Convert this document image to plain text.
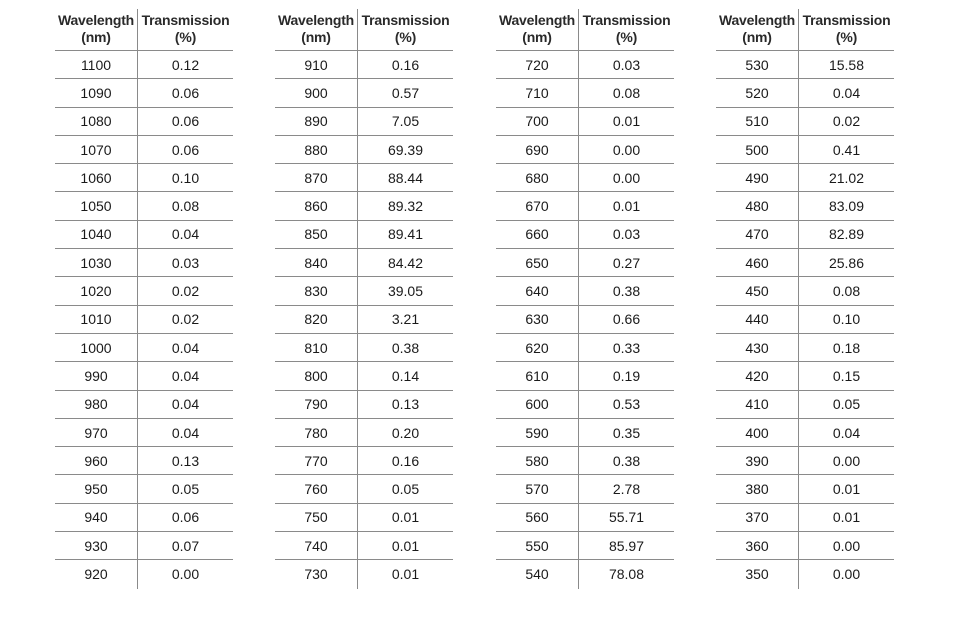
Wavelength
(nm)
Transmission
(%)
1100	0.12
1090	0.06
1080	0.06
1070	0.06
1060	0.10
1050	0.08
1040	0.04
1030	0.03
1020	0.02
1010	0.02
1000	0.04
990	0.04
980	0.04
970	0.04
960	0.13
950	0.05
940	0.06
930	0.07
920	0.00
Wavelength
(nm)
Transmission
(%)
910	0.16
900	0.57
890	7.05
880	69.39
870	88.44
860	89.32
850	89.41
840	84.42
830	39.05
820	3.21
810	0.38
800	0.14
790	0.13
780	0.20
770	0.16
760	0.05
750	0.01
740	0.01
730	0.01
Wavelength
(nm)
Transmission
(%)
720	0.03
710	0.08
700	0.01
690	0.00
680	0.00
670	0.01
660	0.03
650	0.27
640	0.38
630	0.66
620	0.33
610	0.19
600	0.53
590	0.35
580	0.38
570	2.78
560	55.71
550	85.97
540	78.08
Wavelength
(nm)
Transmission
(%)
530	15.58
520	0.04
510	0.02
500	0.41
490	21.02
480	83.09
470	82.89
460	25.86
450	0.08
440	0.10
430	0.18
420	0.15
410	0.05
400	0.04
390	0.00
380	0.01
370	0.01
360	0.00
350	0.00
